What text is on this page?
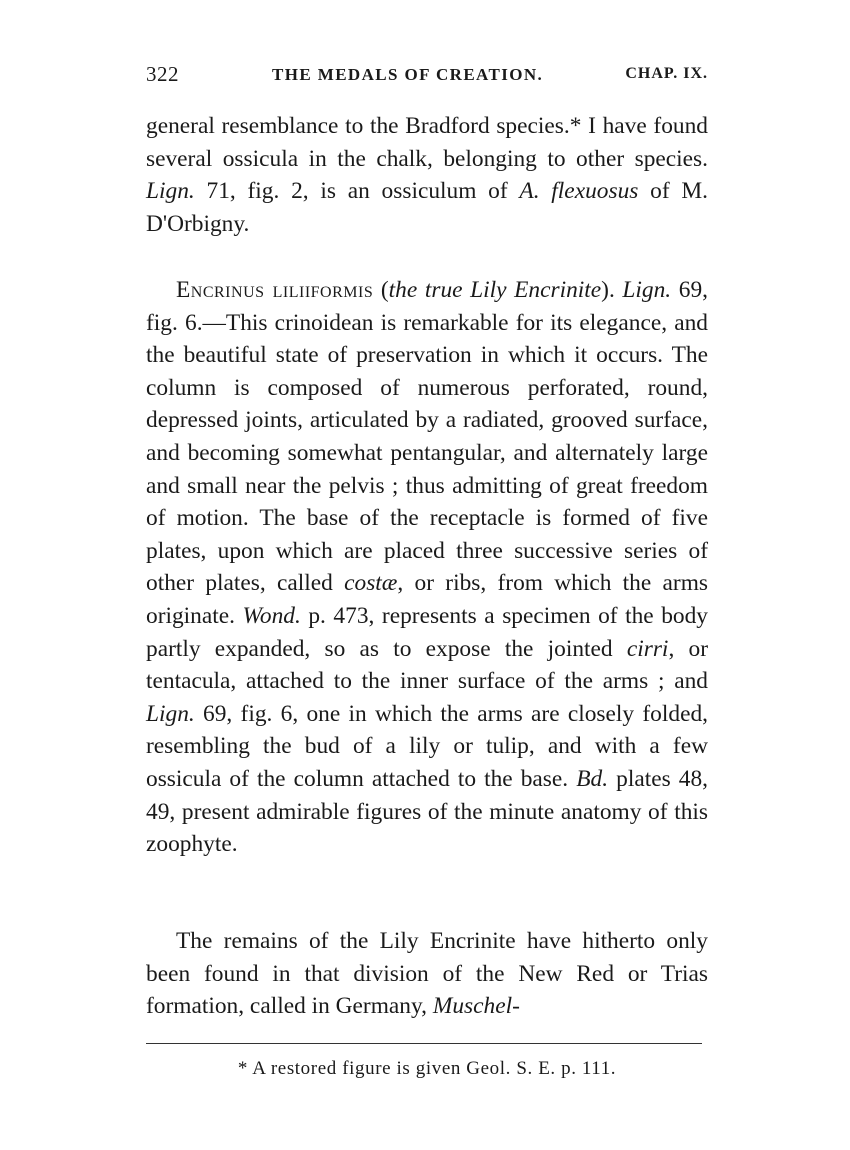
322	THE MEDALS OF CREATION.	CHAP. IX.
general resemblance to the Bradford species.* I have found several ossicula in the chalk, belonging to other species. Lign. 71, fig. 2, is an ossiculum of A. flexuosus of M. D'Orbigny.
Encrinus liliiformis (the true Lily Encrinite). Lign. 69, fig. 6.—This crinoidean is remarkable for its elegance, and the beautiful state of preservation in which it occurs. The column is composed of numerous perforated, round, depressed joints, articulated by a radiated, grooved surface, and becoming somewhat pentangular, and alternately large and small near the pelvis ; thus admitting of great freedom of motion. The base of the receptacle is formed of five plates, upon which are placed three successive series of other plates, called costæ, or ribs, from which the arms originate. Wond. p. 473, represents a specimen of the body partly expanded, so as to expose the jointed cirri, or tentacula, attached to the inner surface of the arms ; and Lign. 69, fig. 6, one in which the arms are closely folded, resembling the bud of a lily or tulip, and with a few ossicula of the column attached to the base. Bd. plates 48, 49, present admirable figures of the minute anatomy of this zoophyte.
The remains of the Lily Encrinite have hitherto only been found in that division of the New Red or Trias formation, called in Germany, Muschel-
* A restored figure is given Geol. S. E. p. 111.
